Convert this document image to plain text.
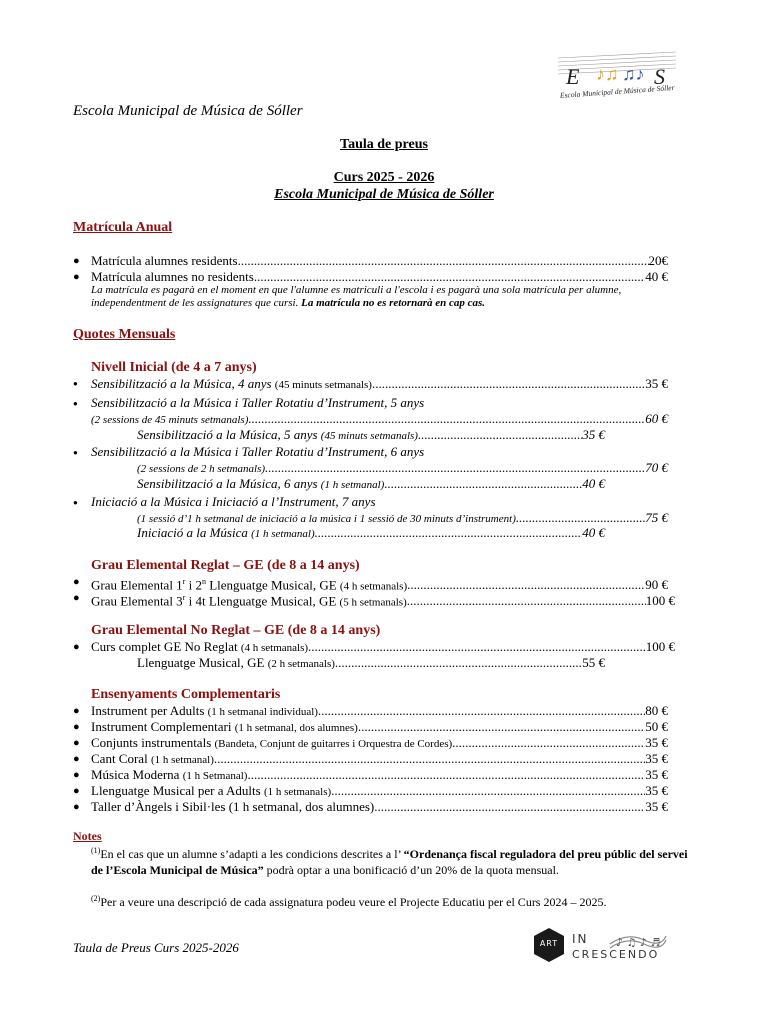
♪♫ ♫♪
E	S
Escola Municipal de Música de Sóller
Escola Municipal de Música de Sóller
Taula de preus
Curs 2025 - 2026
Escola Municipal de Música de Sóller
Matrícula Anual
● Matrícula alumnes residents .....	20€
● Matrícula alumnes no residents .....	40 €
La matrícula es pagarà en el moment en que l'alumne es matriculi a l'escola i es pagarà una sola matrícula per alumne, independentment de les assignatures que cursi. La matrícula no es retornarà en cap cas.
Quotes Mensuals
Nivell Inicial (de 4 a 7 anys)
● Sensibilització a la Música, 4 anys (45 minuts setmanals) .....	35 €
● Sensibilització a la Música i Taller Rotatiu d’Instrument, 5 anys
(2 sessions de 45 minuts setmanals) .....	60 €
Sensibilització a la Música, 5 anys (45 minuts setmanals) .....	35 €
● Sensibilització a la Música i Taller Rotatiu d’Instrument, 6 anys
(2 sessions de 2 h setmanals) .....	70 €
Sensibilització a la Música, 6 anys (1 h setmanal) .....	40 €
● Iniciació a la Música i Iniciació a l’Instrument, 7 anys
(1 sessió d’1 h setmanal de iniciació a la música i 1 sessió de 30 minuts d’instrument) .....	75 €
Iniciació a la Música (1 h setmanal) .....	40 €
Grau Elemental Reglat – GE (de 8 a 14 anys)
● Grau Elemental 1$^r$ i 2$^n$ Llenguatge Musical, GE (4 h setmanals) .....	90 €
● Grau Elemental 3$^r$ i 4t Llenguatge Musical, GE (5 h setmanals) .....	100 €
Grau Elemental No Reglat – GE (de 8 a 14 anys)
● Curs complet GE No Reglat (4 h setmanals) .....	100 €
Llenguatge Musical, GE (2 h setmanals) .....	55 €
Ensenyaments Complementaris
● Instrument per Adults (1 h setmanal individual) .....	80 €
● Instrument Complementari (1 h setmanal, dos alumnes) .....	50 €
● Conjunts instrumentals (Bandeta, Conjunt de guitarres i Orquestra de Cordes) .....	35 €
● Cant Coral (1 h setmanal) .....	35 €
● Música Moderna (1 h Setmanal) .....	35 €
● Llenguatge Musical per a Adults (1 h setmanals) .....	35 €
● Taller d’Àngels i Sibil·les (1 h setmanal, dos alumnes) .....	35 €
Notes
$^{(1)}$En el cas que un alumne s’adapti a les condicions descrites a l’ “Ordenança fiscal reguladora del preu públic del servei de l’Escola Municipal de Música” podrà optar a una bonificació d’un 20% de la quota mensual.
$^{(2)}$Per a veure una descripció de cada assignatura podeu veure el Projecte Educatiu per el Curs 2024 – 2025.
Taula de Preus Curs 2025-2026	♪ ♫ ♪ ♬
ART	IN
CRESCENDO
